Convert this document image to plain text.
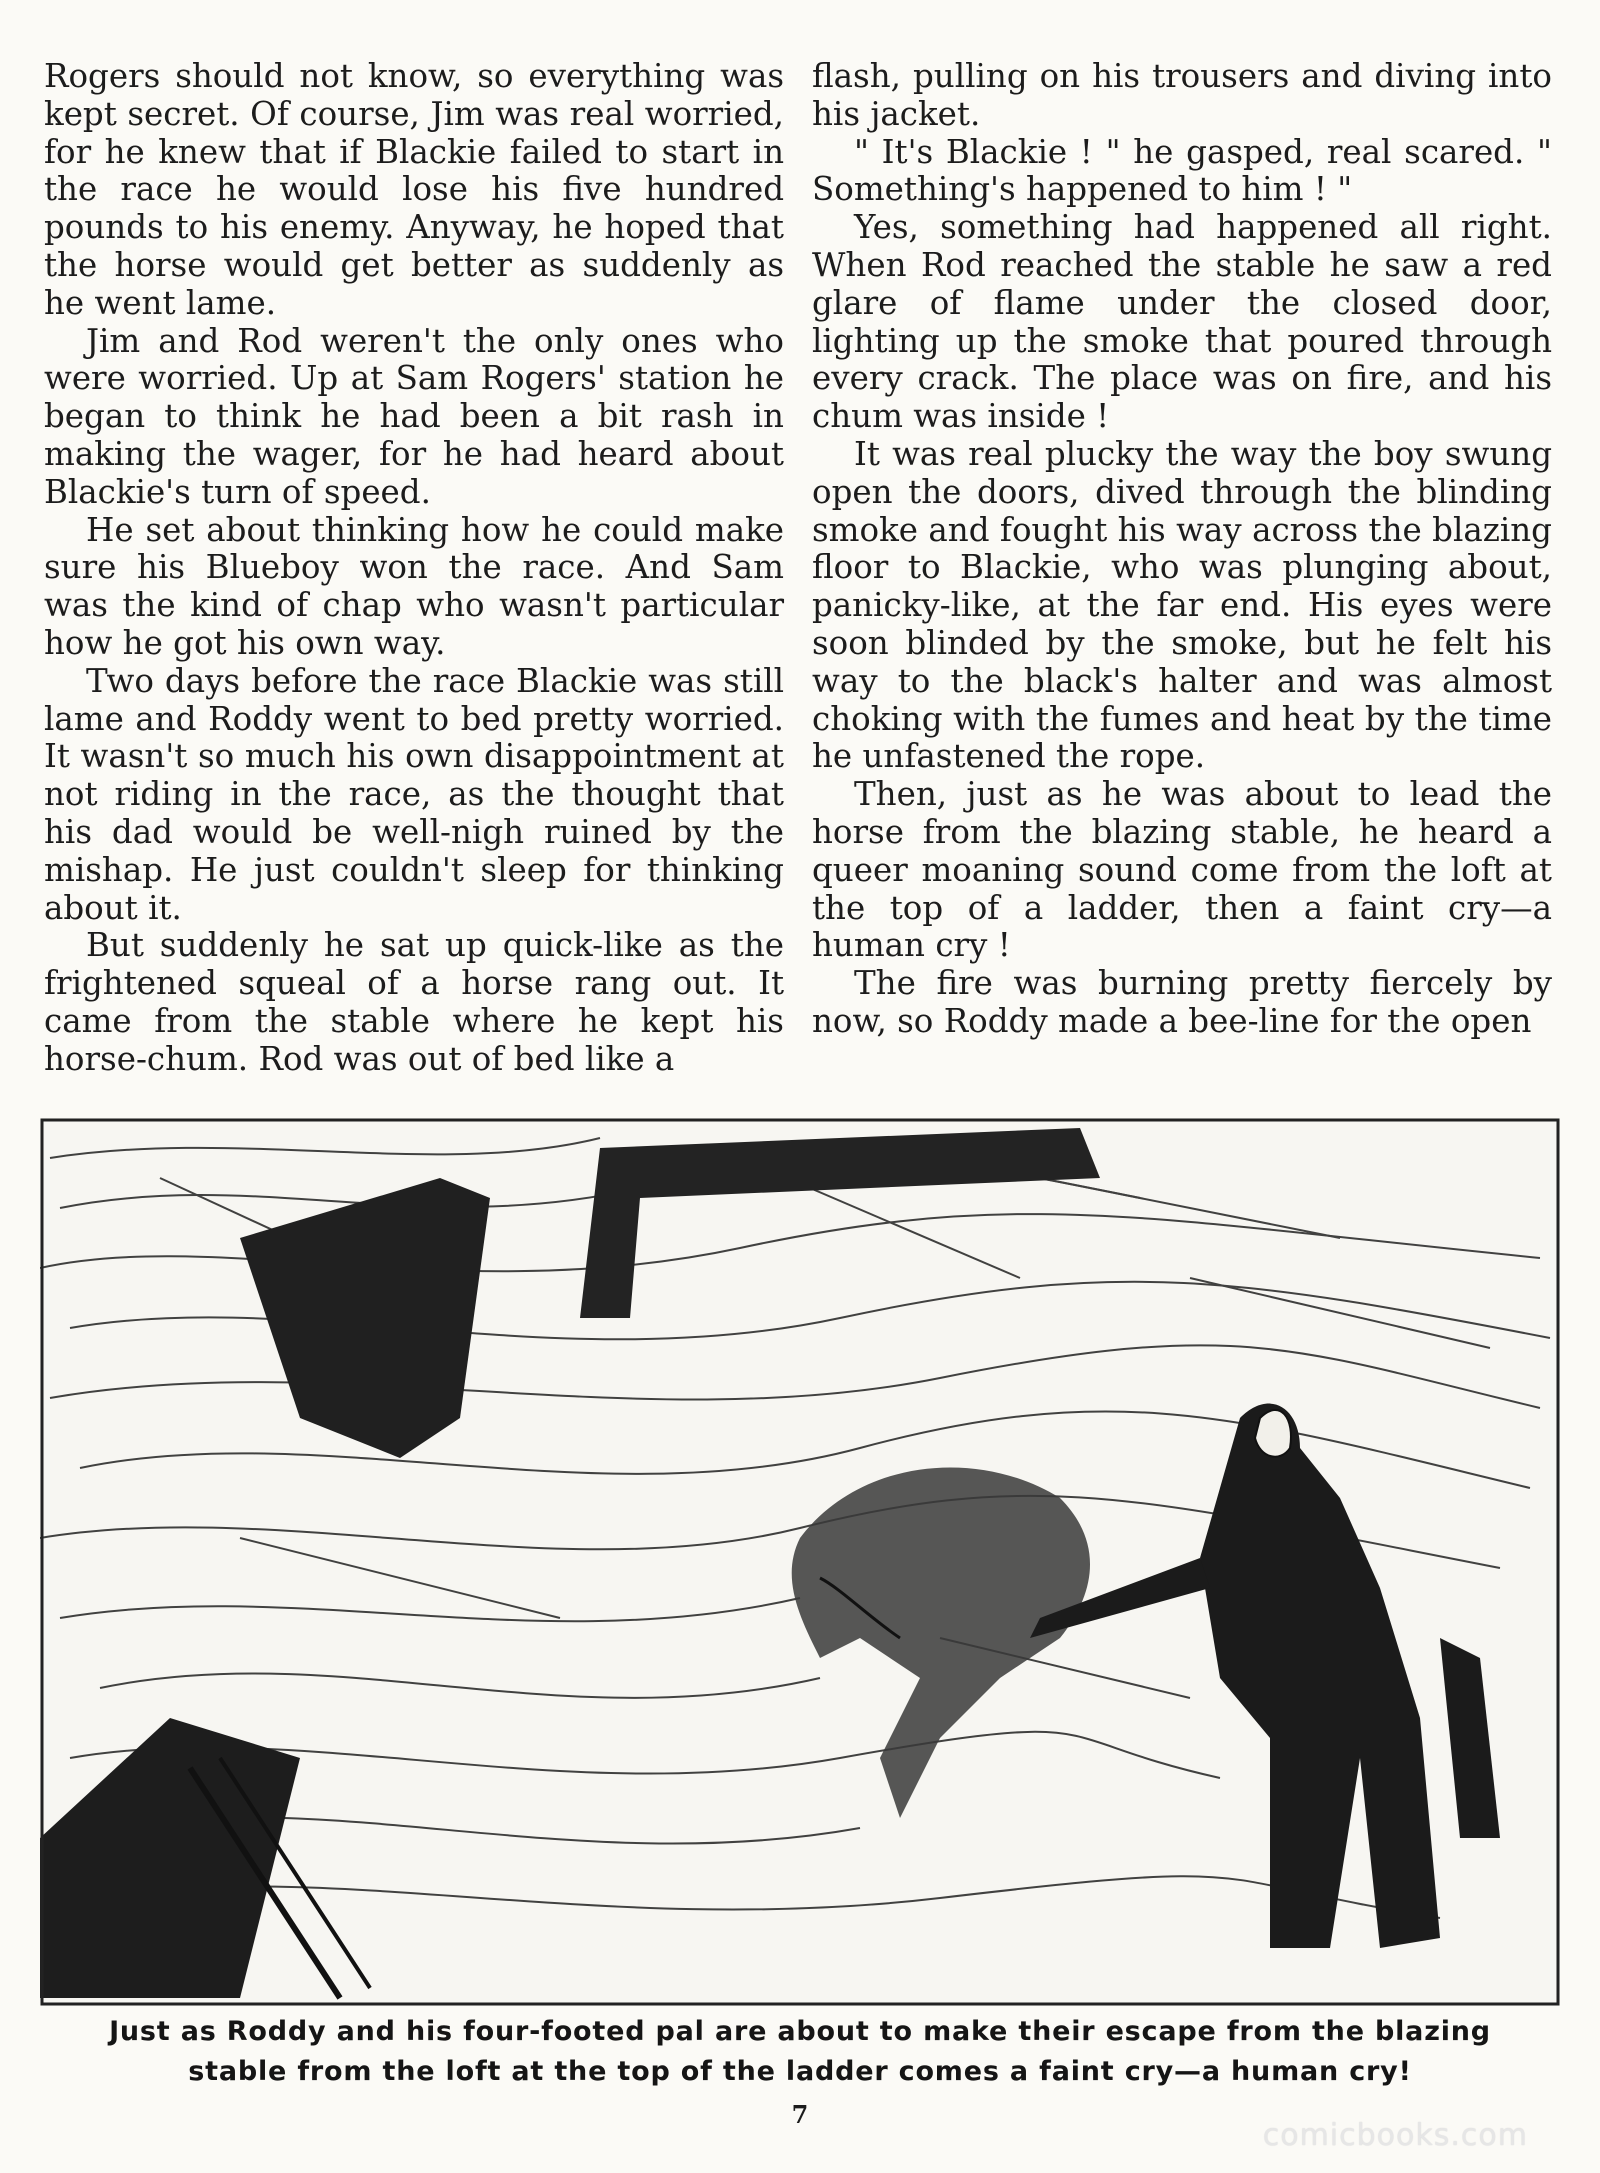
Rogers should not know, so everything was kept secret. Of course, Jim was real worried, for he knew that if Blackie failed to start in the race he would lose his five hundred pounds to his enemy. Anyway, he hoped that the horse would get better as suddenly as he went lame.

Jim and Rod weren't the only ones who were worried. Up at Sam Rogers' station he began to think he had been a bit rash in making the wager, for he had heard about Blackie's turn of speed.

He set about thinking how he could make sure his Blueboy won the race. And Sam was the kind of chap who wasn't particular how he got his own way.

Two days before the race Blackie was still lame and Roddy went to bed pretty worried. It wasn't so much his own disappointment at not riding in the race, as the thought that his dad would be well-nigh ruined by the mishap. He just couldn't sleep for thinking about it.

But suddenly he sat up quick-like as the frightened squeal of a horse rang out. It came from the stable where he kept his horse-chum. Rod was out of bed like a

flash, pulling on his trousers and diving into his jacket.

" It's Blackie ! " he gasped, real scared. " Something's happened to him ! "

Yes, something had happened all right. When Rod reached the stable he saw a red glare of flame under the closed door, lighting up the smoke that poured through every crack. The place was on fire, and his chum was inside !

It was real plucky the way the boy swung open the doors, dived through the blinding smoke and fought his way across the blazing floor to Blackie, who was plunging about, panicky-like, at the far end. His eyes were soon blinded by the smoke, but he felt his way to the black's halter and was almost choking with the fumes and heat by the time he unfastened the rope.

Then, just as he was about to lead the horse from the blazing stable, he heard a queer moaning sound come from the loft at the top of a ladder, then a faint cry—a human cry !

The fire was burning pretty fiercely by now, so Roddy made a bee-line for the open

Just as Roddy and his four-footed pal are about to make their escape from the blazing
stable from the loft at the top of the ladder comes a faint cry—a human cry!
7
comicbooks.com
